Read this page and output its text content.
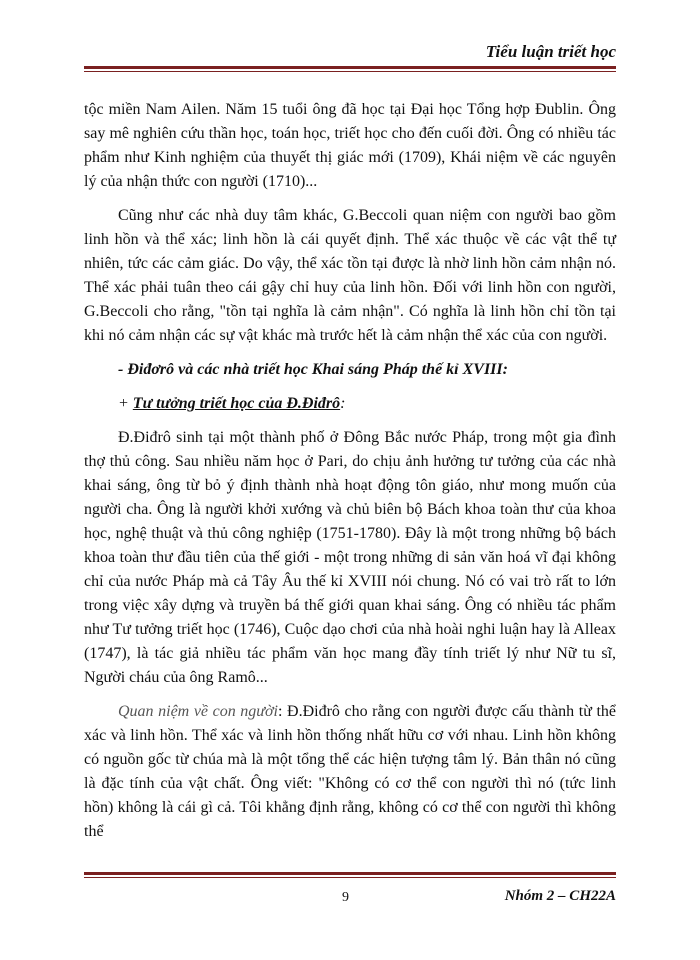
Tiểu luận triết học

tộc miền Nam Ailen. Năm 15 tuổi ông đã học tại Đại học Tổng hợp Đublin. Ông say mê nghiên cứu thần học, toán học, triết học cho đến cuối đời. Ông có nhiều tác phẩm như Kinh nghiệm của thuyết thị giác mới (1709), Khái niệm về các nguyên lý của nhận thức con người (1710)...

Cũng như các nhà duy tâm khác, G.Beccoli quan niệm con người bao gồm linh hồn và thể xác; linh hồn là cái quyết định. Thể xác thuộc về các vật thể tự nhiên, tức các cảm giác. Do vậy, thể xác tồn tại được là nhờ linh hồn cảm nhận nó. Thể xác phải tuân theo cái gậy chỉ huy của linh hồn. Đối với linh hồn con người, G.Beccoli cho rằng, "tồn tại nghĩa là cảm nhận". Có nghĩa là linh hồn chỉ tồn tại khi nó cảm nhận các sự vật khác mà trước hết là cảm nhận thể xác của con người.

- Điđơrô và các nhà triết học Khai sáng Pháp thế kỉ XVIII:

+ Tư tưởng triết học của Đ.Điđrô:

Đ.Điđrô sinh tại một thành phố ở Đông Bắc nước Pháp, trong một gia đình thợ thủ công. Sau nhiều năm học ở Pari, do chịu ảnh hưởng tư tưởng của các nhà khai sáng, ông từ bỏ ý định thành nhà hoạt động tôn giáo, như mong muốn của người cha. Ông là người khởi xướng và chủ biên bộ Bách khoa toàn thư của khoa học, nghệ thuật và thủ công nghiệp (1751-1780). Đây là một trong những bộ bách khoa toàn thư đầu tiên của thế giới - một trong những di sản văn hoá vĩ đại không chỉ của nước Pháp mà cả Tây Âu thế kỉ XVIII nói chung. Nó có vai trò rất to lớn trong việc xây dựng và truyền bá thế giới quan khai sáng. Ông có nhiều tác phẩm như Tư tưởng triết học (1746), Cuộc dạo chơi của nhà hoài nghi luận hay là Alleax (1747), là tác giả nhiều tác phẩm văn học mang đầy tính triết lý như Nữ tu sĩ, Người cháu của ông Ramô...

Quan niệm về con người: Đ.Điđrô cho rằng con người được cấu thành từ thể xác và linh hồn. Thể xác và linh hồn thống nhất hữu cơ với nhau. Linh hồn không có nguồn gốc từ chúa mà là một tổng thể các hiện tượng tâm lý. Bản thân nó cũng là đặc tính của vật chất. Ông viết: "Không có cơ thể con người thì nó (tức linh hồn) không là cái gì cả. Tôi khẳng định rằng, không có cơ thể con người thì không thể

9	Nhóm 2 – CH22A
